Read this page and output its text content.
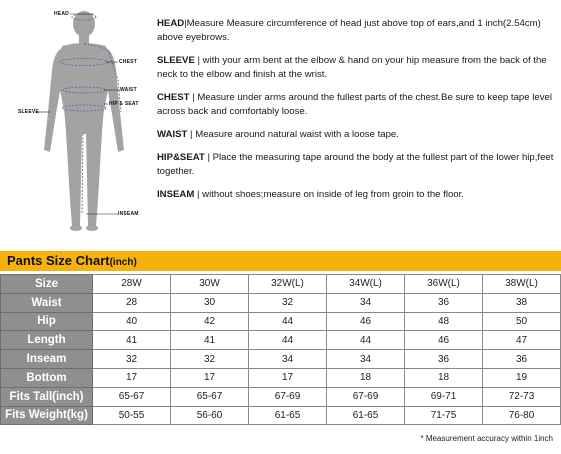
HEAD
CHEST
WAIST
HIP & SEAT
SLEEVE
INSEAM
HEAD|Measure Measure circumference of head just above top of ears,and 1 inch(2.54cm) above eyebrows.
SLEEVE | with your arm bent at the elbow & hand on your hip measure from the back of the neck to the elbow and finish at the wrist.
CHEST | Measure under arms around the fullest parts of the chest.Be sure to keep tape level across back and comfortably loose.
WAIST | Measure around natural waist with a loose tape.
HIP&SEAT | Place the measuring tape around the body at the fullest part of the lower hip,feet together.
INSEAM | without shoes;measure on inside of leg from groin to the floor.
Pants Size Chart(inch)
Size	28W	30W	32W(L)	34W(L)	36W(L)	38W(L)
Waist	28	30	32	34	36	38
Hip	40	42	44	46	48	50
Length	41	41	44	44	46	47
Inseam	32	32	34	34	36	36
Bottom	17	17	17	18	18	19
Fits Tall(inch)	65-67	65-67	67-69	67-69	69-71	72-73
Fits Weight(kg)	50-55	56-60	61-65	61-65	71-75	76-80
* Measurement accuracy within 1inch
